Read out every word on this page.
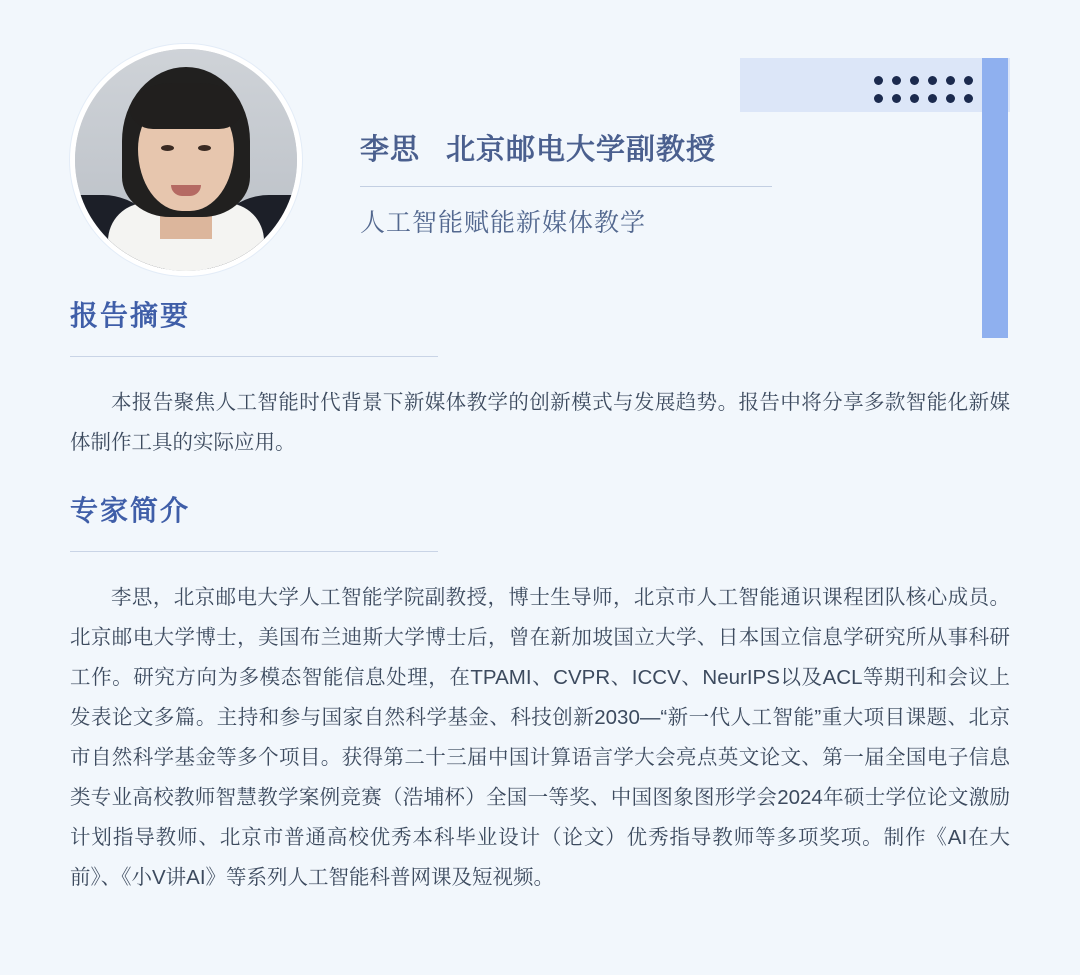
李思 北京邮电大学副教授
人工智能赋能新媒体教学
报告摘要
本报告聚焦人工智能时代背景下新媒体教学的创新模式与发展趋势。报告中将分享多款智能化新媒体制作工具的实际应用。
专家简介
李思，北京邮电大学人工智能学院副教授，博士生导师，北京市人工智能通识课程团队核心成员。北京邮电大学博士，美国布兰迪斯大学博士后，曾在新加坡国立大学、日本国立信息学研究所从事科研工作。研究方向为多模态智能信息处理，在TPAMI、CVPR、ICCV、NeurIPS以及ACL等期刊和会议上发表论文多篇。主持和参与国家自然科学基金、科技创新2030—“新一代人工智能”重大项目课题、北京市自然科学基金等多个项目。获得第二十三届中国计算语言学大会亮点英文论文、第一届全国电子信息类专业高校教师智慧教学案例竞赛（浩埔杯）全国一等奖、中国图象图形学会2024年硕士学位论文激励计划指导教师、北京市普通高校优秀本科毕业设计（论文）优秀指导教师等多项奖项。制作《AI在大前》、《小V讲AI》等系列人工智能科普网课及短视频。
